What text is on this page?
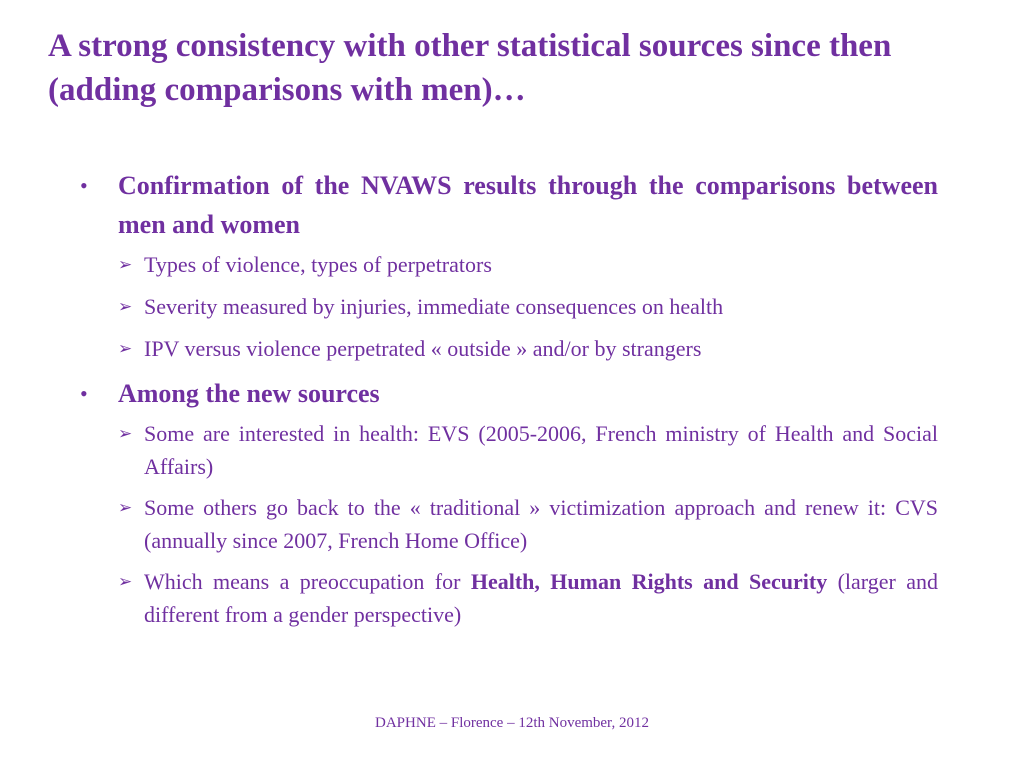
A strong consistency with other statistical sources since then (adding comparisons with men)…
•	Confirmation of the NVAWS results through the comparisons between men and women
➢ Types of violence, types of perpetrators
➢ Severity measured by injuries, immediate consequences on health
➢ IPV versus violence perpetrated « outside » and/or by strangers
•	Among the new sources
➢ Some are interested in health: EVS (2005-2006, French ministry of Health and Social Affairs)
➢ Some others go back to the « traditional » victimization approach and renew it: CVS (annually since 2007, French Home Office)
➢ Which means a preoccupation for Health, Human Rights and Security (larger and different from a gender perspective)
DAPHNE – Florence – 12th November, 2012
